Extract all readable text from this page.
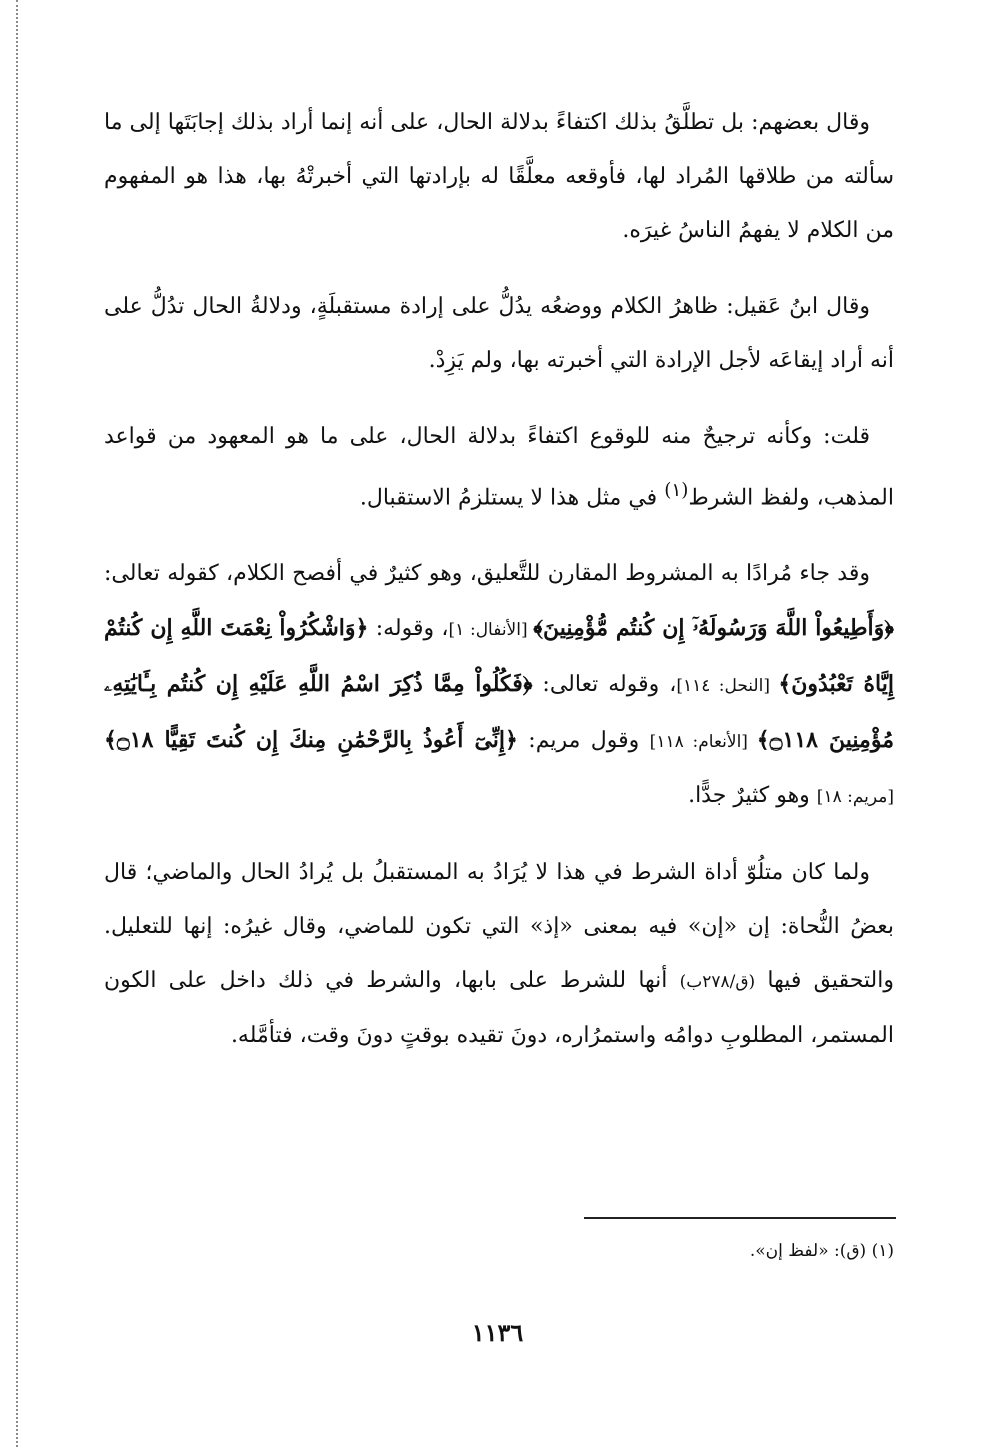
وقال بعضهم: بل تطلَّقُ بذلك اكتفاءً بدلالة الحال، على أنه إنما أراد بذلك إجابَتَها إلى ما سألته من طلاقها المُراد لها، فأوقعه معلَّقًا له بإرادتها التي أخبرتْهُ بها، هذا هو المفهوم من الكلام لا يفهمُ الناسُ غيرَه.

وقال ابنُ عَقيل: ظاهرُ الكلام ووضعُه يدُلُّ على إرادة مستقبلَةٍ، ودلالةُ الحال تدُلُّ على أنه أراد إيقاعَه لأجل الإرادة التي أخبرته بها، ولم يَزِدْ.

قلت: وكأنه ترجيحٌ منه للوقوع اكتفاءً بدلالة الحال، على ما هو المعهود من قواعد المذهب، ولفظ الشرط$^{(١)}$ في مثل هذا لا يستلزمُ الاستقبال.

وقد جاء مُرادًا به المشروط المقارن للتَّعليق، وهو كثيرٌ في أفصح الكلام، كقوله تعالى: ﴿وَأَطِيعُواْ اللَّهَ وَرَسُولَهُۥٓ إِن كُنتُم مُّؤْمِنِينَ﴾ [الأنفال: ١]، وقوله: ﴿وَاشْكُرُواْ نِعْمَتَ اللَّهِ إِن كُنتُمْ إِيَّاهُ تَعْبُدُونَ﴾ [النحل: ١١٤]، وقوله تعالى: ﴿فَكُلُواْ مِمَّا ذُكِرَ اسْمُ اللَّهِ عَلَيْهِ إِن كُنتُم بِـَٔايَٰتِهِۦ مُؤْمِنِينَ ۝١١٨﴾ [الأنعام: ١١٨] وقول مريم: ﴿إِنِّىٓ أَعُوذُ بِالرَّحْمَٰنِ مِنكَ إِن كُنتَ تَقِيًّا ۝١٨﴾ [مريم: ١٨] وهو كثيرٌ جدًّا.

ولما كان متلُوّ أداة الشرط في هذا لا يُرَادُ به المستقبلُ بل يُرادُ الحال والماضي؛ قال بعضُ النُّحاة: إن «إن» فيه بمعنى «إذ» التي تكون للماضي، وقال غيرُه: إنها للتعليل. والتحقيق فيها (ق/٢٧٨ب) أنها للشرط على بابها، والشرط في ذلك داخل على الكون المستمر، المطلوبِ دوامُه واستمرُاره، دونَ تقيده بوقتٍ دونَ وقت، فتأمَّله.

(١) (ق): «لفظ إن».
١١٣٦
